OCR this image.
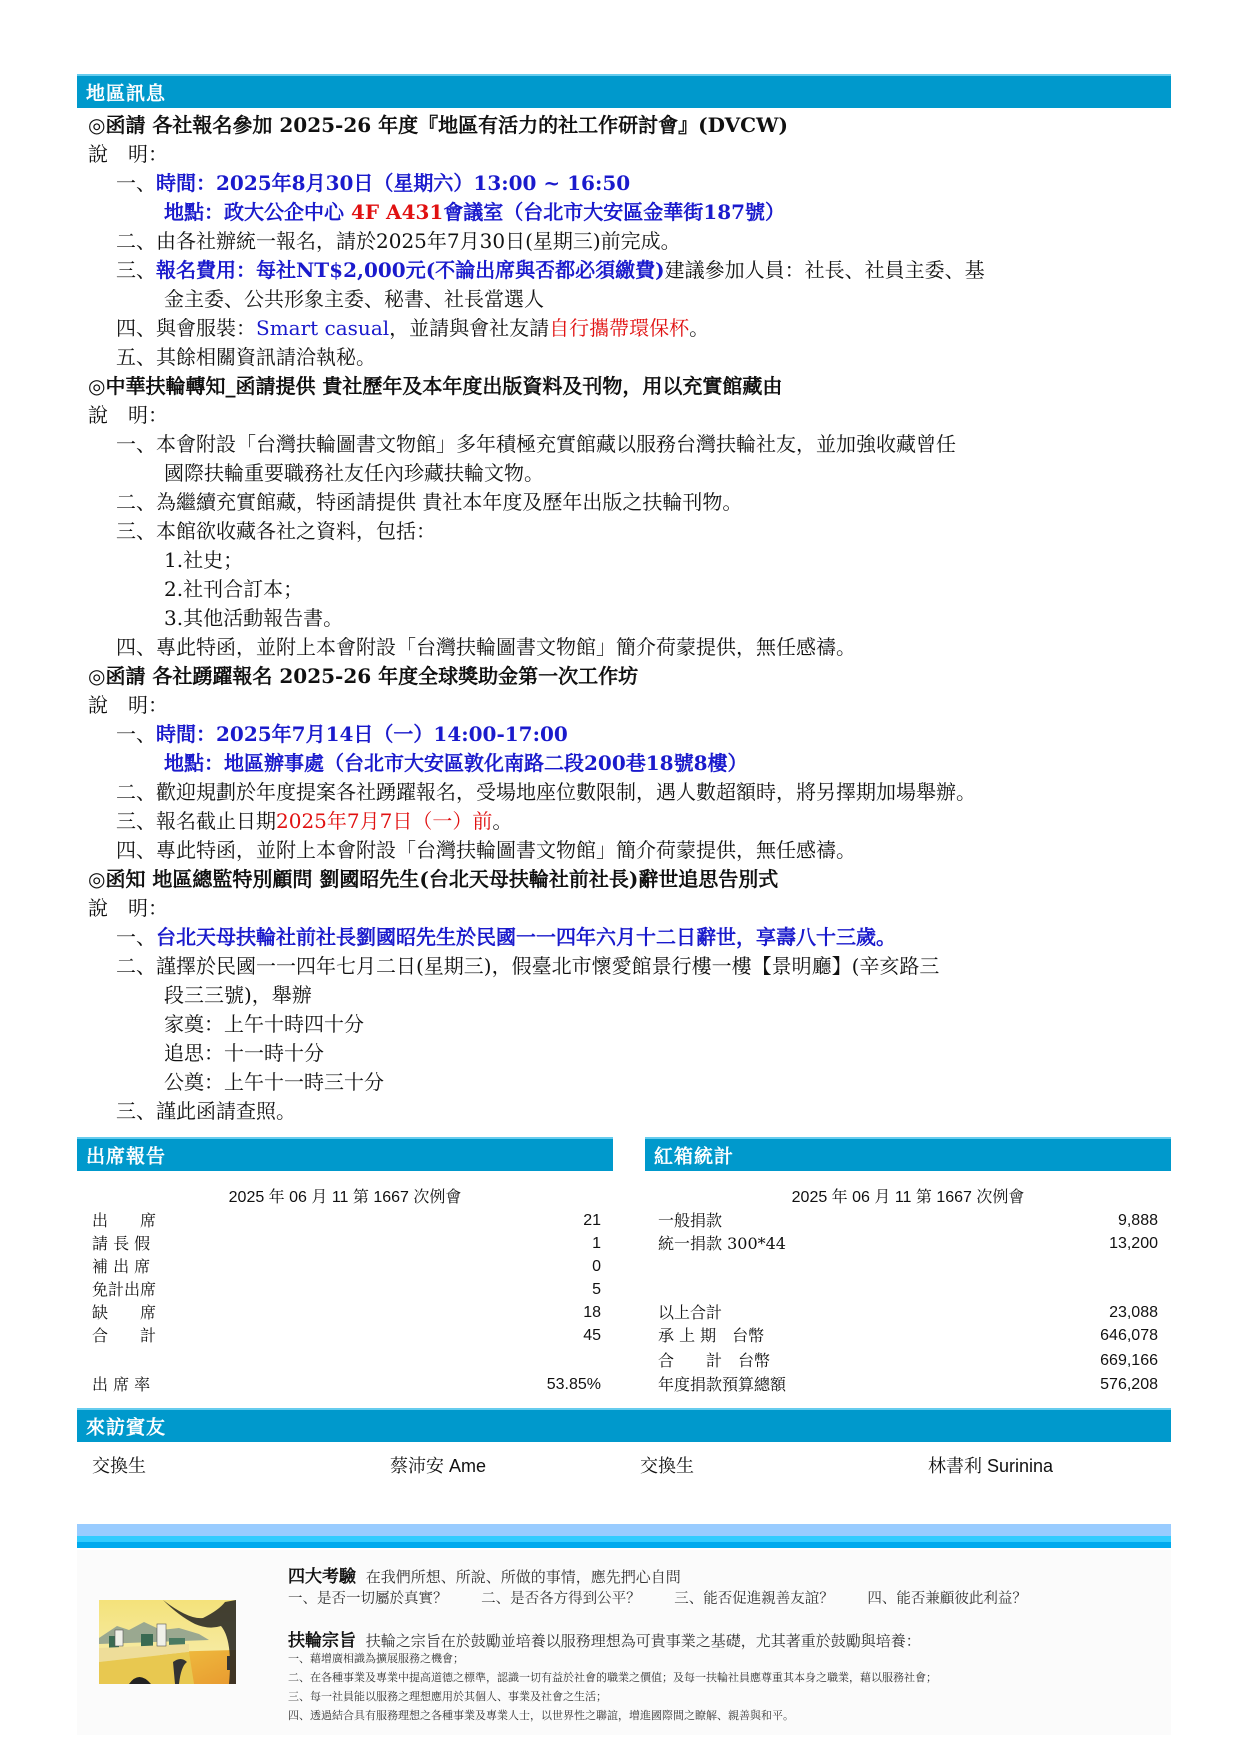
地區訊息
◎函請 各社報名參加 2025-26 年度『地區有活力的社工作研討會』(DVCW)
說　明：
一、時間：2025年8月30日（星期六）13:00 ~ 16:50
地點：政大公企中心 4F A431會議室（台北市大安區金華街187號）
二、由各社辦統一報名，請於2025年7月30日(星期三)前完成。
三、報名費用：每社NT$2,000元(不論出席與否都必須繳費)建議參加人員：社長、社員主委、基
金主委、公共形象主委、秘書、社長當選人
四、與會服裝：Smart casual，並請與會社友請自行攜帶環保杯。
五、其餘相關資訊請洽執秘。
◎中華扶輪轉知_函請提供 貴社歷年及本年度出版資料及刊物，用以充實館藏由
說　明：
一、本會附設「台灣扶輪圖書文物館」多年積極充實館藏以服務台灣扶輪社友，並加強收藏曾任
國際扶輪重要職務社友任內珍藏扶輪文物。
二、為繼續充實館藏，特函請提供 貴社本年度及歷年出版之扶輪刊物。
三、本館欲收藏各社之資料，包括：
1.社史；
2.社刊合訂本；
3.其他活動報告書。
四、專此特函，並附上本會附設「台灣扶輪圖書文物館」簡介荷蒙提供，無任感禱。
◎函請 各社踴躍報名 2025-26 年度全球獎助金第一次工作坊
說　明：
一、時間：2025年7月14日（一）14:00-17:00
地點：地區辦事處（台北市大安區敦化南路二段200巷18號8樓）
二、歡迎規劃於年度提案各社踴躍報名，受場地座位數限制，遇人數超額時，將另擇期加場舉辦。
三、報名截止日期2025年7月7日（一）前。
四、專此特函，並附上本會附設「台灣扶輪圖書文物館」簡介荷蒙提供，無任感禱。
◎函知 地區總監特別顧問 劉國昭先生(台北天母扶輪社前社長)辭世追思告別式
說　明：
一、台北天母扶輪社前社長劉國昭先生於民國一一四年六月十二日辭世，享壽八十三歲。
二、謹擇於民國一一四年七月二日(星期三)，假臺北市懷愛館景行樓一樓【景明廳】(辛亥路三
段三三號)，舉辦
家奠：上午十時四十分
追思：十一時十分
公奠：上午十一時三十分
三、謹此函請查照。
出席報告
2025 年 06 月 11 第 1667 次例會
出　　席	21
請 長 假	1
補 出 席	0
免計出席	5
缺　　席	18
合　　計	45
出 席 率	53.85%
紅箱統計
2025 年 06 月 11 第 1667 次例會
一般捐款	9,888
統一捐款 300*44	13,200
以上合計	23,088
承 上 期　台幣	646,078
合　　計　台幣	669,166
年度捐款預算總額	576,208
來訪賓友
交換生	蔡沛安 Ame	交換生	林書利 Surinina
四大考驗 在我們所想、所說、所做的事情，應先捫心自問
一、是否一切屬於真實？ 二、是否各方得到公平？ 三、能否促進親善友誼？ 四、能否兼顧彼此利益？
扶輪宗旨 扶輪之宗旨在於鼓勵並培養以服務理想為可貴事業之基礎，尤其著重於鼓勵與培養：
一、藉增廣相識為擴展服務之機會；
二、在各種事業及專業中提高道德之標準，認識一切有益於社會的職業之價值；及每一扶輪社員應尊重其本身之職業，藉以服務社會；
三、每一社員能以服務之理想應用於其個人、事業及社會之生活；
四、透過結合具有服務理想之各種事業及專業人士，以世界性之聯誼，增進國際間之瞭解、親善與和平。
